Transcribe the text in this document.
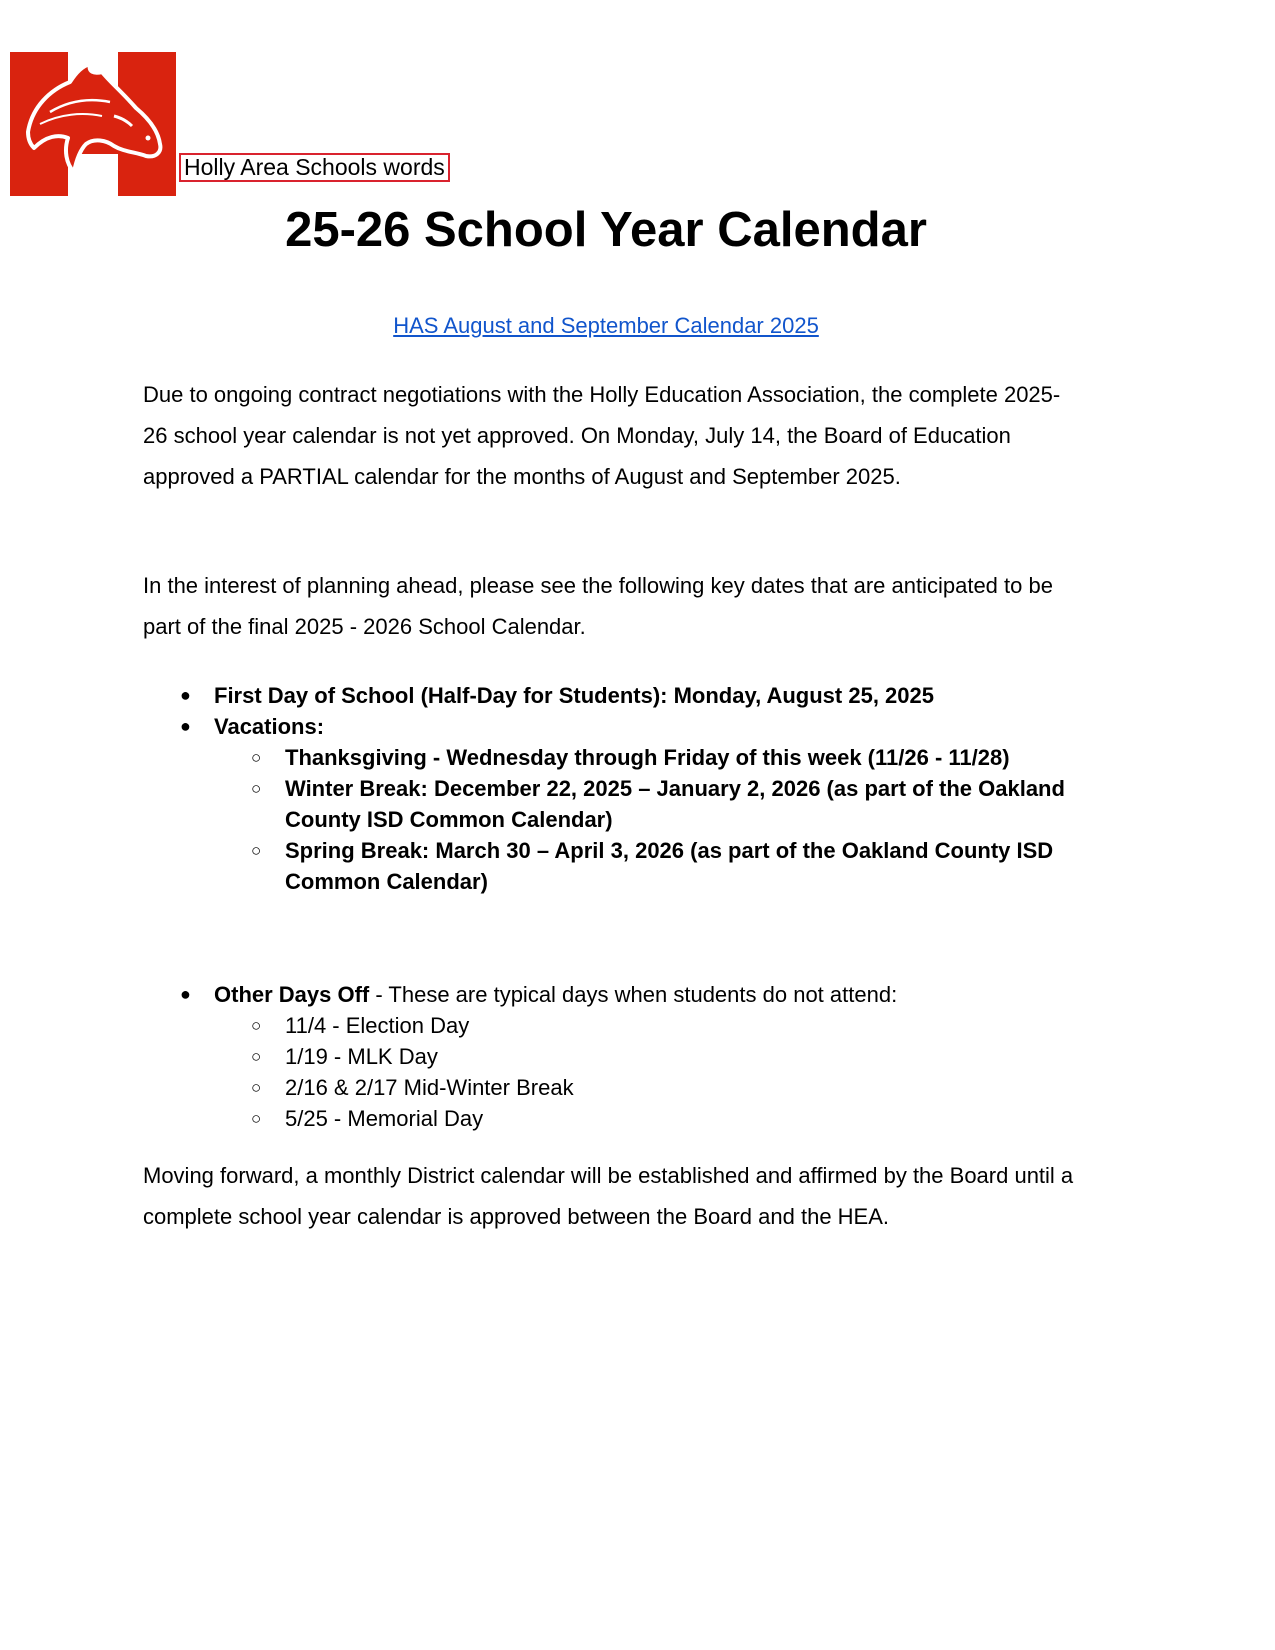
Holly Area Schools words
25-26 School Year Calendar
HAS August and September Calendar 2025

Due to ongoing contract negotiations with the Holly Education Association, the complete 2025-26 school year calendar is not yet approved. On Monday, July 14, the Board of Education approved a PARTIAL calendar for the months of August and September 2025.

In the interest of planning ahead, please see the following key dates that are anticipated to be part of the final 2025 - 2026 School Calendar.

● First Day of School (Half-Day for Students): Monday, August 25, 2025
● Vacations:
○ Thanksgiving - Wednesday through Friday of this week (11/26 - 11/28)
○ Winter Break: December 22, 2025 – January 2, 2026 (as part of the Oakland County ISD Common Calendar)
○ Spring Break: March 30 – April 3, 2026 (as part of the Oakland County ISD Common Calendar)
● Other Days Off - These are typical days when students do not attend:
○ 11/4 - Election Day
○ 1/19 - MLK Day
○ 2/16 & 2/17 Mid-Winter Break
○ 5/25 - Memorial Day

Moving forward, a monthly District calendar will be established and affirmed by the Board until a complete school year calendar is approved between the Board and the HEA.
